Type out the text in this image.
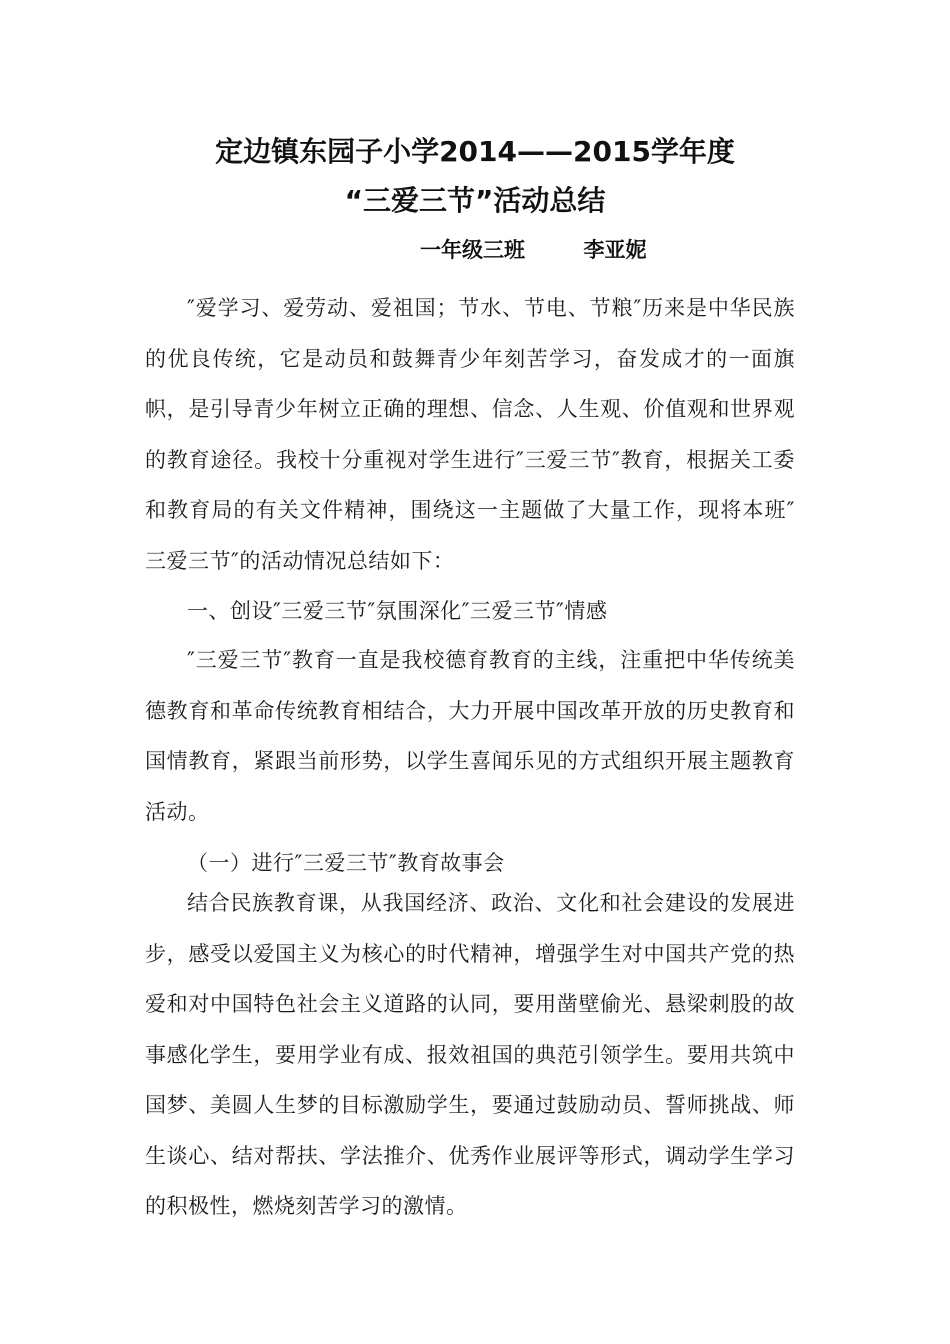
定边镇东园子小学2014——2015学年度
“三爱三节”活动总结
一年级三班        李亚妮
″爱学习、爱劳动、爱祖国；节水、节电、节粮″历来是中华民族的优良传统，它是动员和鼓舞青少年刻苦学习，奋发成才的一面旗帜，是引导青少年树立正确的理想、信念、人生观、价值观和世界观的教育途径。我校十分重视对学生进行″三爱三节″教育，根据关工委和教育局的有关文件精神，围绕这一主题做了大量工作，现将本班″三爱三节″的活动情况总结如下：
一、创设″三爱三节″氛围深化″三爱三节″情感
″三爱三节″教育一直是我校德育教育的主线，注重把中华传统美德教育和革命传统教育相结合，大力开展中国改革开放的历史教育和国情教育，紧跟当前形势，以学生喜闻乐见的方式组织开展主题教育活动。
（一）进行″三爱三节″教育故事会
结合民族教育课，从我国经济、政治、文化和社会建设的发展进步，感受以爱国主义为核心的时代精神，增强学生对中国共产党的热爱和对中国特色社会主义道路的认同，要用凿壁偷光、悬梁刺股的故事感化学生，要用学业有成、报效祖国的典范引领学生。要用共筑中国梦、美圆人生梦的目标激励学生，要通过鼓励动员、誓师挑战、师生谈心、结对帮扶、学法推介、优秀作业展评等形式，调动学生学习的积极性，燃烧刻苦学习的激情。
